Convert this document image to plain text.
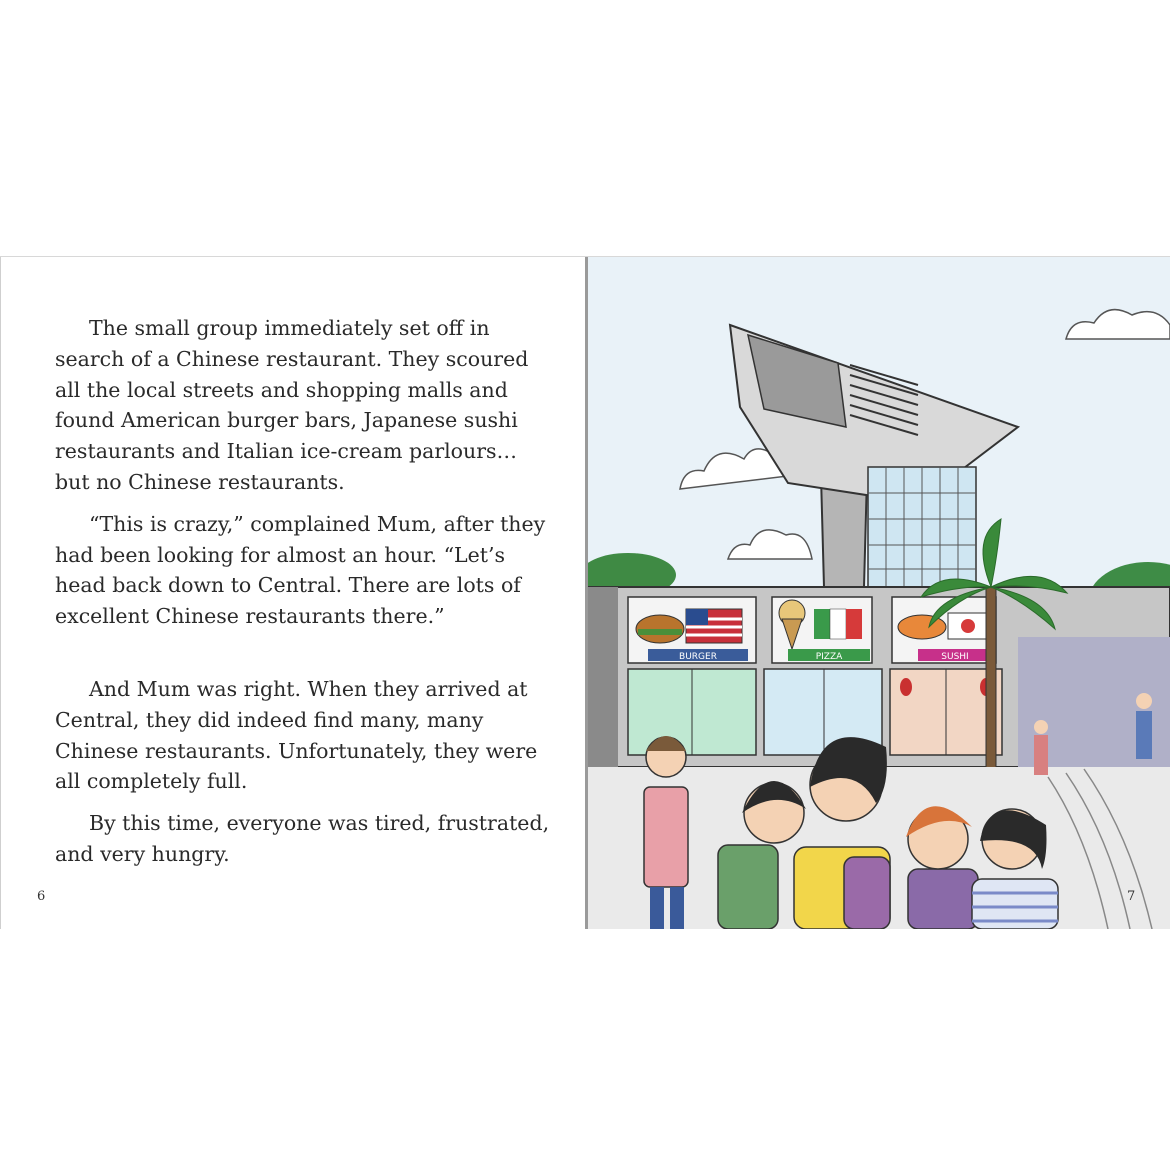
The small group immediately set off in search of a Chinese restaurant. They scoured all the local streets and shopping malls and found American burger bars, Japanese sushi restaurants and Italian ice-cream parlours… but no Chinese restaurants.

“This is crazy,” complained Mum, after they had been looking for almost an hour. “Let’s head back down to Central. There are lots of excellent Chinese restaurants there.”

And Mum was right. When they arrived at Central, they did indeed find many, many Chinese restaurants. Unfortunately, they were all completely full.

By this time, everyone was tired, frustrated, and very hungry.

6
BURGER	PIZZA	SUSHI
7
